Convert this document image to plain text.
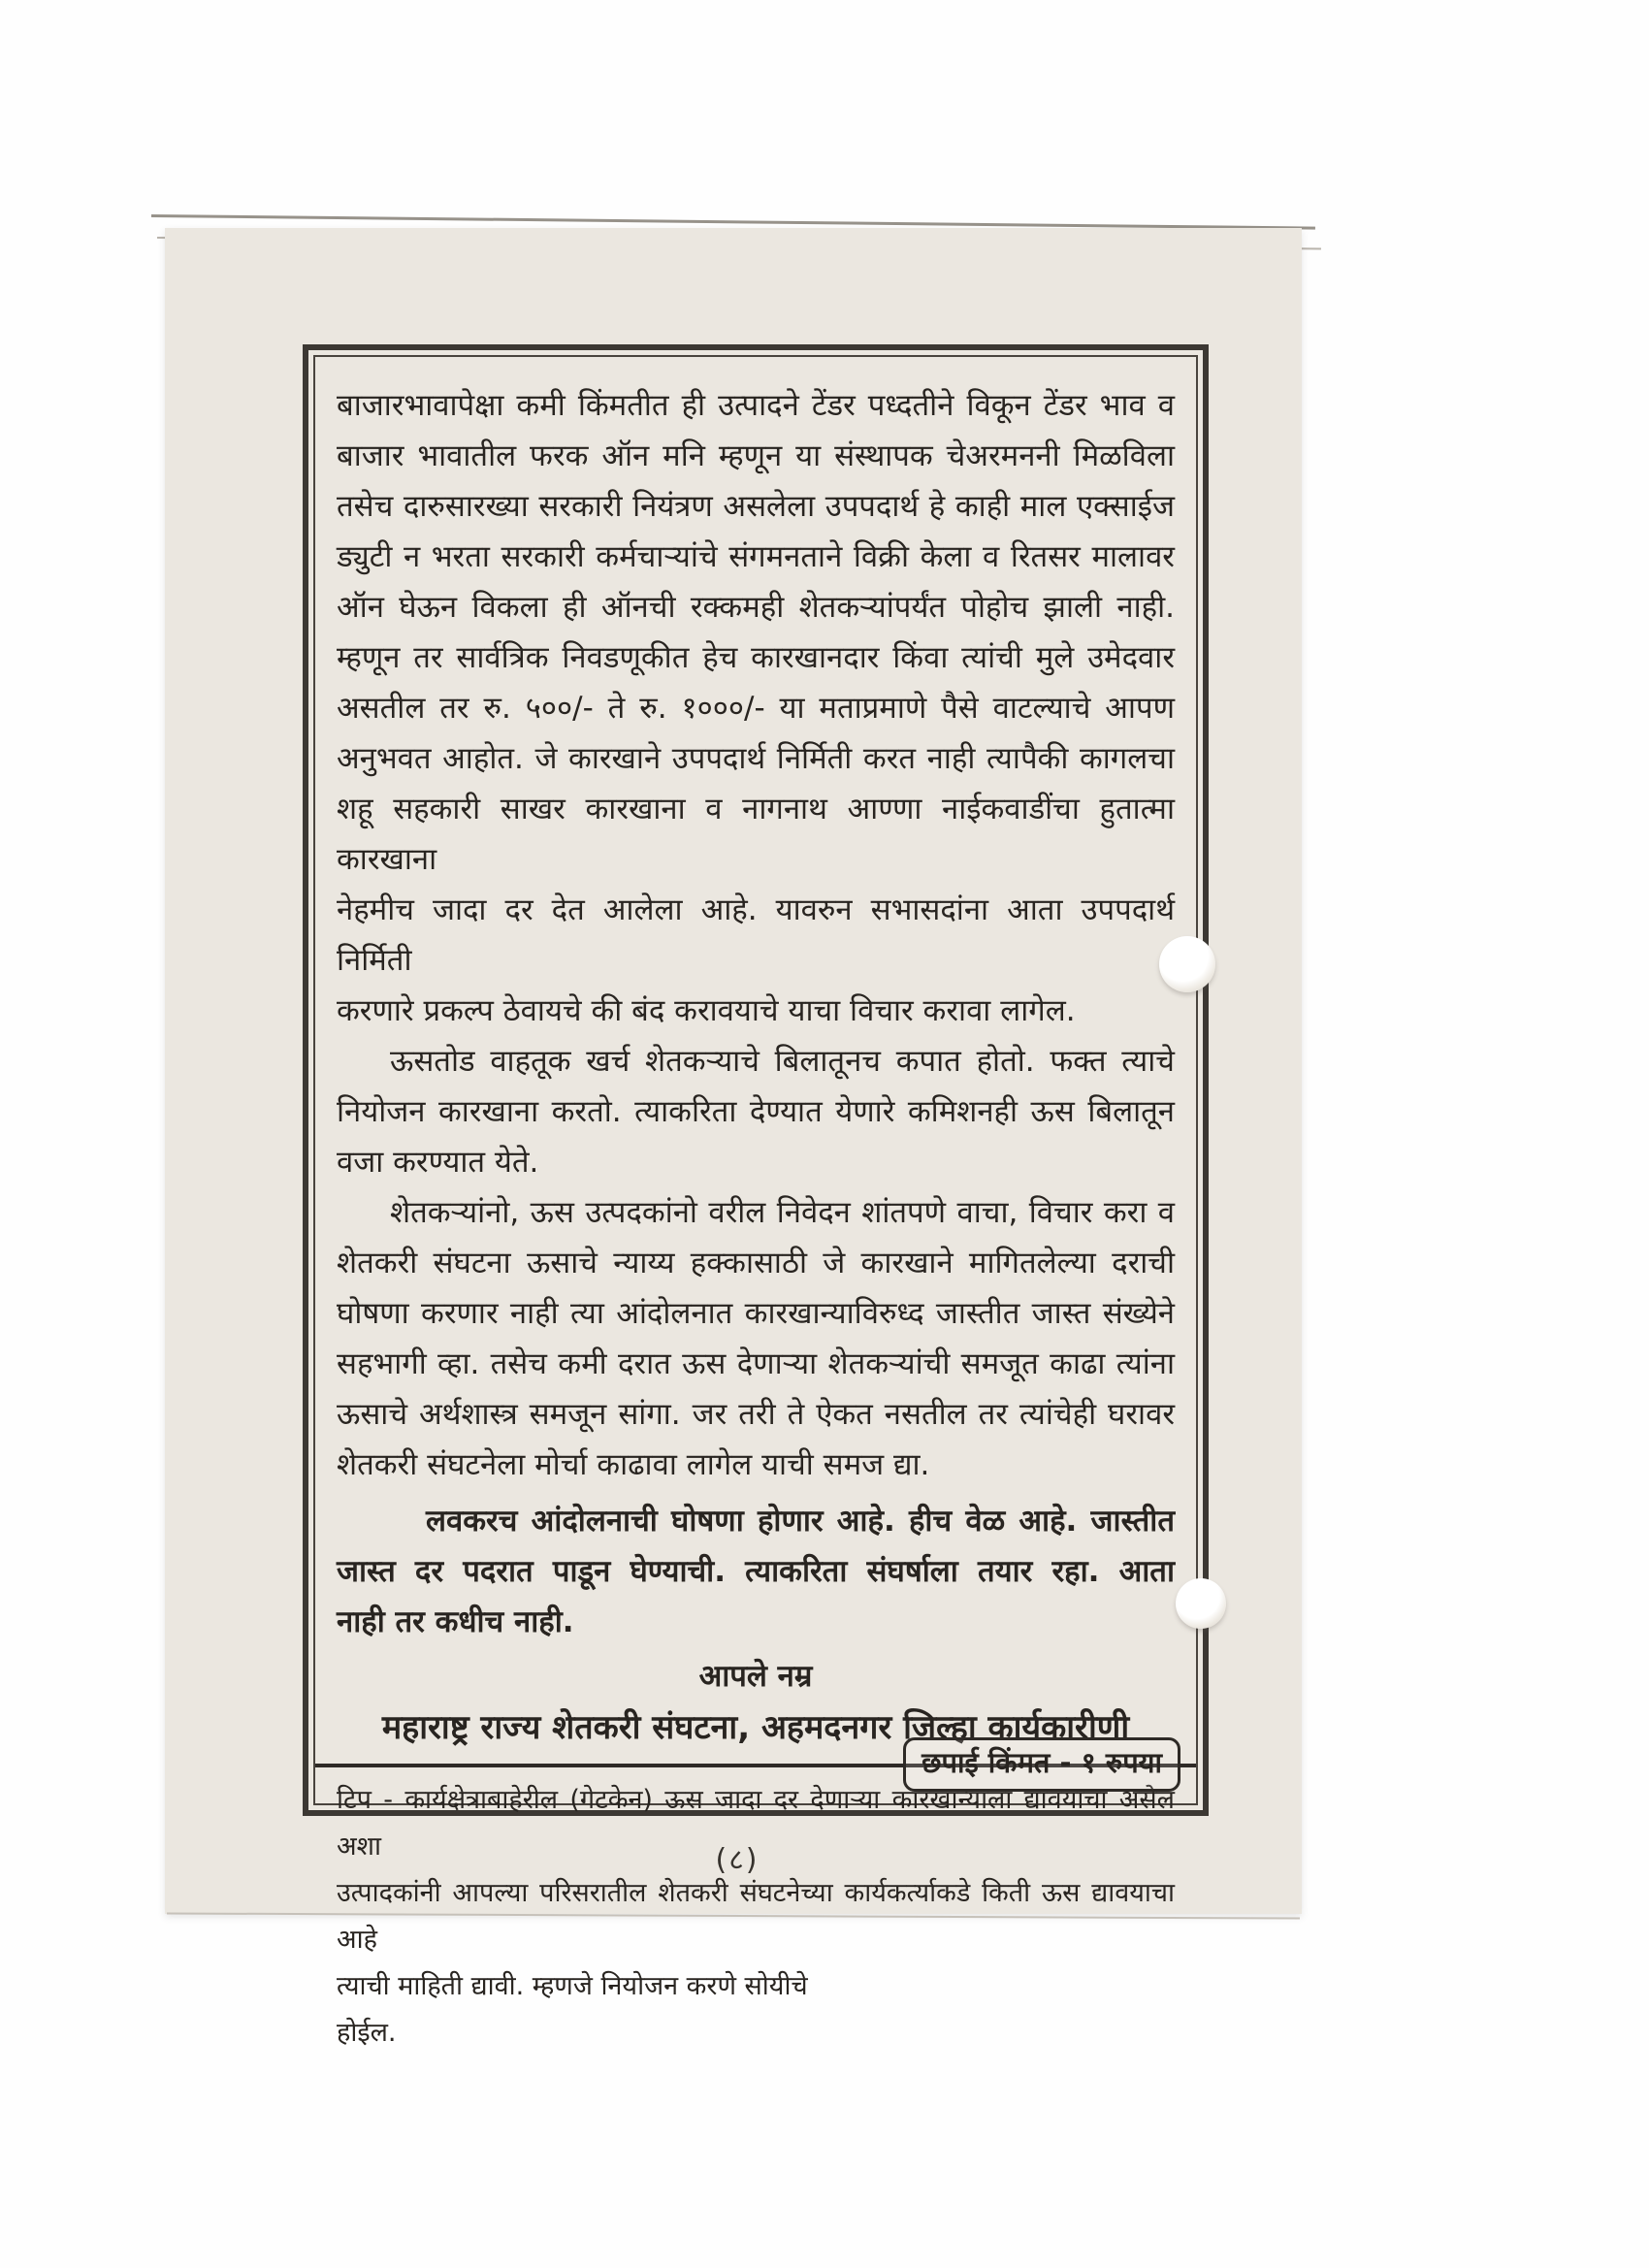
बाजारभावापेक्षा कमी किंमतीत ही उत्पादने टेंडर पध्दतीने विकून टेंडर भाव व
बाजार भावातील फरक ऑन मनि म्हणून या संस्थापक चेअरमननी मिळविला
तसेच दारुसारख्या सरकारी नियंत्रण असलेला उपपदार्थ हे काही माल एक्साईज
ड्युटी न भरता सरकारी कर्मचाऱ्यांचे संगमनताने विक्री केला व रितसर मालावर
ऑन घेऊन विकला ही ऑनची रक्कमही शेतकऱ्यांपर्यंत पोहोच झाली नाही.
म्हणून तर सार्वत्रिक निवडणूकीत हेच कारखानदार किंवा त्यांची मुले उमेदवार
असतील तर रु. ५००/- ते रु. १०००/- या मताप्रमाणे पैसे वाटल्याचे आपण
अनुभवत आहोत. जे कारखाने उपपदार्थ निर्मिती करत नाही त्यापैकी कागलचा
शहू सहकारी साखर कारखाना व नागनाथ आण्णा नाईकवाडींचा हुतात्मा कारखाना
नेहमीच जादा दर देत आलेला आहे. यावरुन सभासदांना आता उपपदार्थ निर्मिती
करणारे प्रकल्प ठेवायचे की बंद करावयाचे याचा विचार करावा लागेल.
ऊसतोड वाहतूक खर्च शेतकऱ्याचे बिलातूनच कपात होतो. फक्त त्याचे
नियोजन कारखाना करतो. त्याकरिता देण्यात येणारे कमिशनही ऊस बिलातून
वजा करण्यात येते.
शेतकऱ्यांनो, ऊस उत्पदकांनो वरील निवेदन शांतपणे वाचा, विचार करा व
शेतकरी संघटना ऊसाचे न्याय्य हक्कासाठी जे कारखाने मागितलेल्या दराची
घोषणा करणार नाही त्या आंदोलनात कारखान्याविरुध्द जास्तीत जास्त संख्येने
सहभागी व्हा. तसेच कमी दरात ऊस देणाऱ्या शेतकऱ्यांची समजूत काढा त्यांना
ऊसाचे अर्थशास्त्र समजून सांगा. जर तरी ते ऐकत नसतील तर त्यांचेही घरावर
शेतकरी संघटनेला मोर्चा काढावा लागेल याची समज द्या.
लवकरच आंदोलनाची घोषणा होणार आहे. हीच वेळ आहे. जास्तीत
जास्त दर पदरात पाडून घेण्याची. त्याकरिता संघर्षाला तयार रहा. आता
नाही तर कधीच नाही.
आपले नम्र
महाराष्ट्र राज्य शेतकरी संघटना, अहमदनगर जिल्हा कार्यकारीणी
टिप - कार्यक्षेत्राबाहेरील (गेटकेन) ऊस जादा दर देणाऱ्या कारखान्याला द्यावयाचा असेल अशा
उत्पादकांनी आपल्या परिसरातील शेतकरी संघटनेच्या कार्यकर्त्याकडे किती ऊस द्यावयाचा आहे
त्याची माहिती द्यावी. म्हणजे नियोजन करणे सोयीचे होईल.
छपाई किंमत - १ रुपया
(८)
